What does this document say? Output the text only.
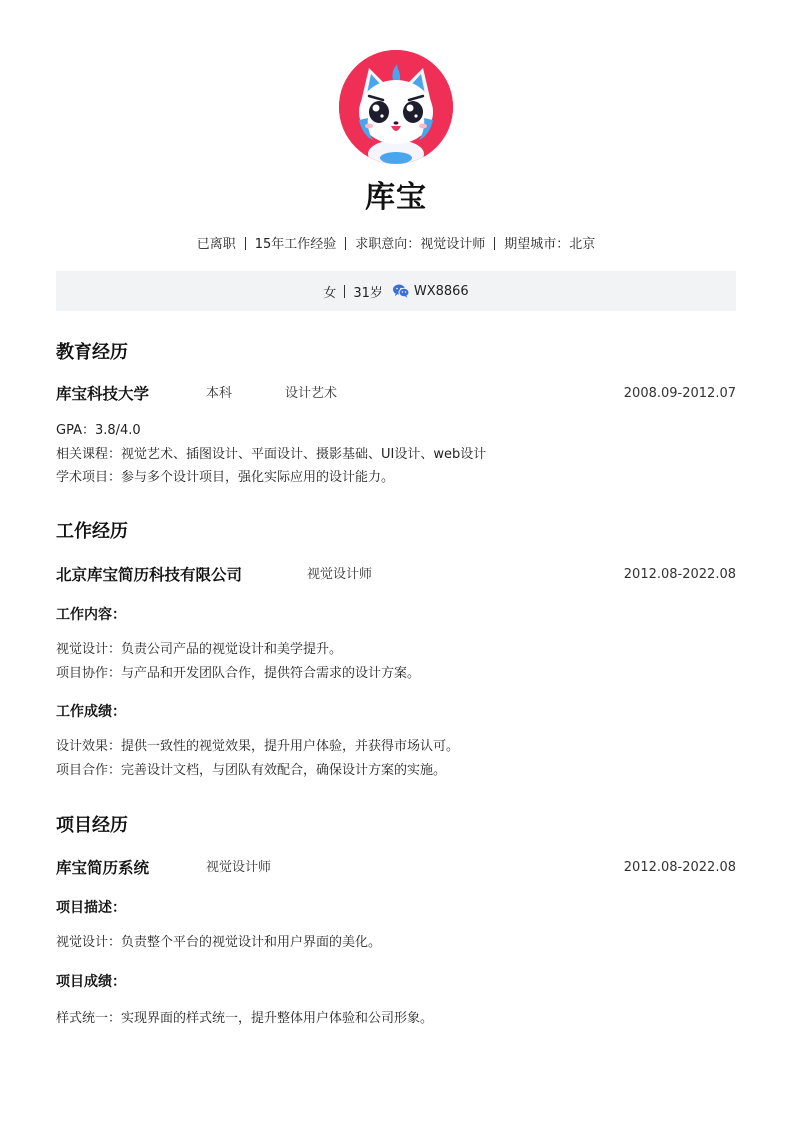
库宝
已离职 15年工作经验 求职意向：视觉设计师 期望城市：北京
女 31岁 WX8866
教育经历
库宝科技大学	本科	设计艺术	2008.09-2012.07
GPA：3.8/4.0
相关课程：视觉艺术、插图设计、平面设计、摄影基础、UI设计、web设计
学术项目：参与多个设计项目，强化实际应用的设计能力。
工作经历
北京库宝简历科技有限公司	视觉设计师	2012.08-2022.08
工作内容：
视觉设计：负责公司产品的视觉设计和美学提升。
项目协作：与产品和开发团队合作，提供符合需求的设计方案。
工作成绩：
设计效果：提供一致性的视觉效果，提升用户体验，并获得市场认可。
项目合作：完善设计文档，与团队有效配合，确保设计方案的实施。
项目经历
库宝简历系统	视觉设计师	2012.08-2022.08
项目描述：
视觉设计：负责整个平台的视觉设计和用户界面的美化。
项目成绩：
样式统一：实现界面的样式统一，提升整体用户体验和公司形象。
